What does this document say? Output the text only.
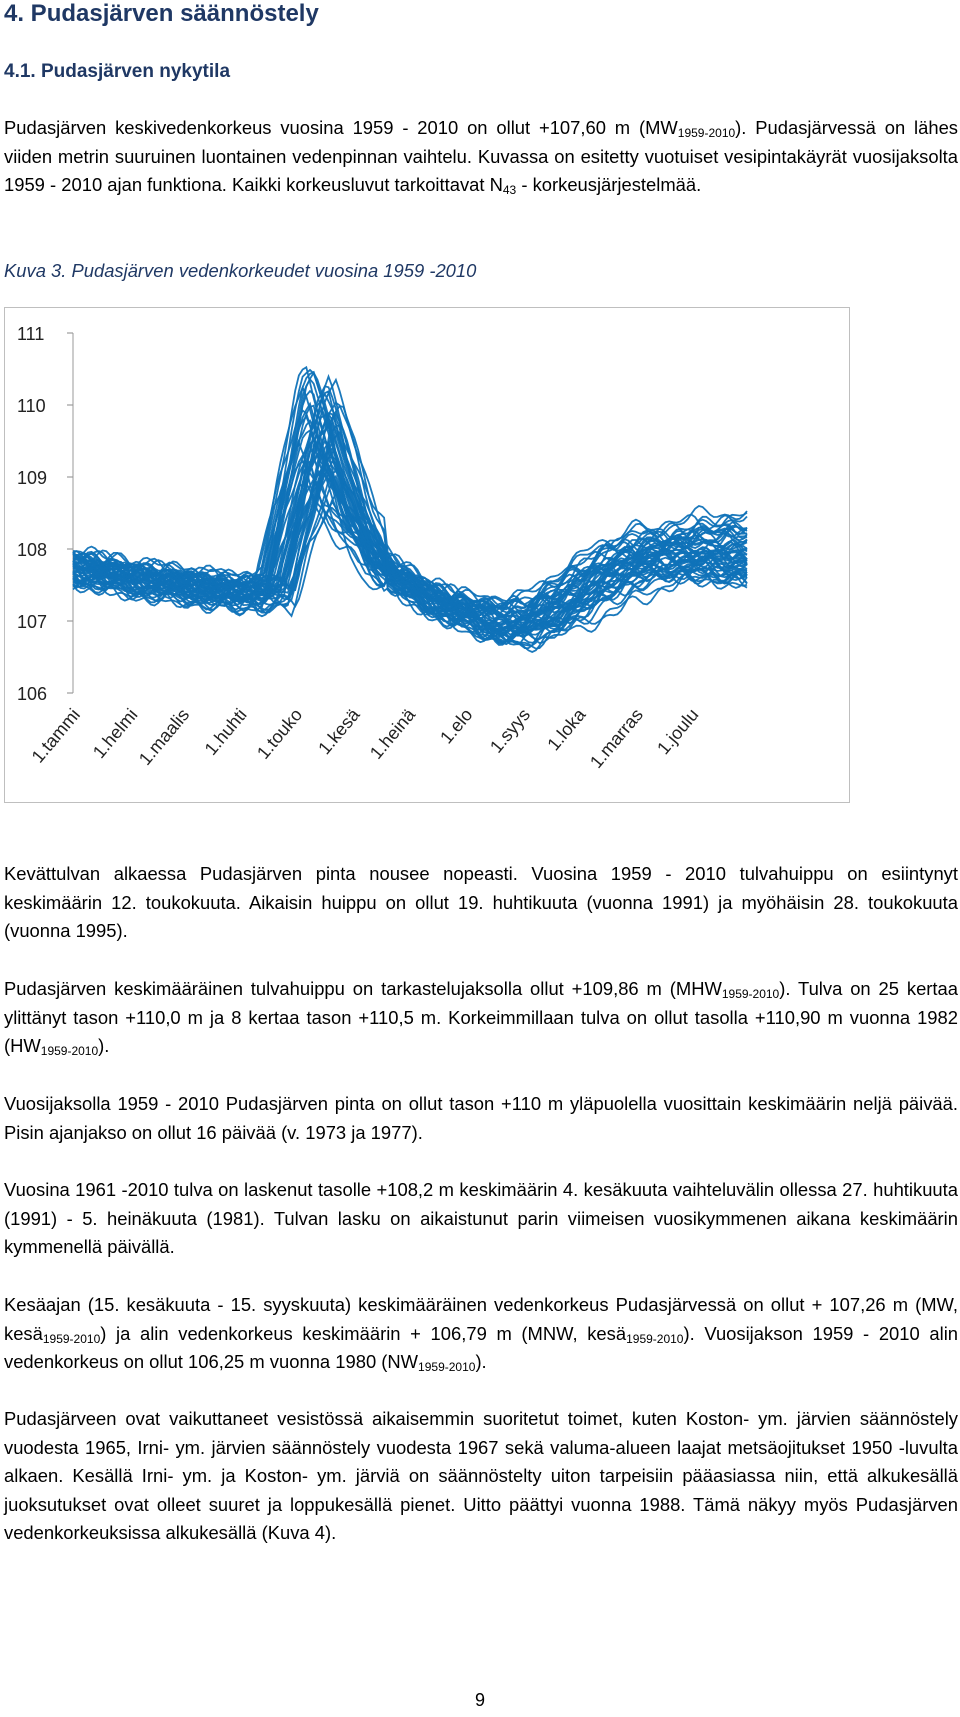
4. Pudasjärven säännöstely
4.1. Pudasjärven nykytila

Pudasjärven keskivedenkorkeus vuosina 1959 - 2010 on ollut +107,60 m $(MW_{1959-2010})$. Pudasjärvessä on lähes viiden metrin suuruinen luontainen vedenpinnan vaihtelu. Kuvassa on esitetty vuotuiset vesipintakäyrät vuosijaksolta 1959 - 2010 ajan funktiona. Kaikki korkeusluvut tarkoittavat $N_{43}$ - korkeusjärjestelmää.

Kuva 3. Pudasjärven vedenkorkeudet vuosina 1959 -2010

111
110
109
108
107
106
1.tammi 1.helmi
1.maalis 1.huhti 1.touko 1.kesä 1.heinä 1.elo 1.syys 1.loka
1.marras 1.joulu

Kevättulvan alkaessa Pudasjärven pinta nousee nopeasti. Vuosina 1959 - 2010 tulvahuippu on esiintynyt keskimäärin 12. toukokuuta. Aikaisin huippu on ollut 19. huhtikuuta (vuonna 1991) ja myöhäisin 28. toukokuuta (vuonna 1995).

Pudasjärven keskimääräinen tulvahuippu on tarkastelujaksolla ollut +109,86 m $(MHW_{1959-2010})$. Tulva on 25 kertaa ylittänyt tason +110,0 m ja 8 kertaa tason +110,5 m. Korkeimmillaan tulva on ollut tasolla +110,90 m vuonna 1982 $(HW_{1959-2010})$.

Vuosijaksolla 1959 - 2010 Pudasjärven pinta on ollut tason +110 m yläpuolella vuosittain keskimäärin neljä päivää. Pisin ajanjakso on ollut 16 päivää (v. 1973 ja 1977).

Vuosina 1961 -2010 tulva on laskenut tasolle +108,2 m keskimäärin 4. kesäkuuta vaihteluvälin ollessa 27. huhtikuuta (1991) - 5. heinäkuuta (1981). Tulvan lasku on aikaistunut parin viimeisen vuosikymmenen aikana keskimäärin kymmenellä päivällä.

Kesäajan (15. kesäkuuta - 15. syyskuuta) keskimääräinen vedenkorkeus Pudasjärvessä on ollut + 107,26 m (MW, kesä$_{1959-2010}$) ja alin vedenkorkeus keskimäärin + 106,79 m (MNW, kesä$_{1959-2010}$). Vuosijakson 1959 - 2010 alin vedenkorkeus on ollut 106,25 m vuonna 1980 $(NW_{1959-2010})$.

Pudasjärveen ovat vaikuttaneet vesistössä aikaisemmin suoritetut toimet, kuten Koston- ym. järvien säännöstely vuodesta 1965, Irni- ym. järvien säännöstely vuodesta 1967 sekä valuma-alueen laajat metsäojitukset 1950 -luvulta alkaen. Kesällä Irni- ym. ja Koston- ym. järviä on säännöstelty uiton tarpeisiin pääasiassa niin, että alkukesällä juoksutukset ovat olleet suuret ja loppukesällä pienet. Uitto päättyi vuonna 1988. Tämä näkyy myös Pudasjärven vedenkorkeuksissa alkukesällä (Kuva 4).

9
